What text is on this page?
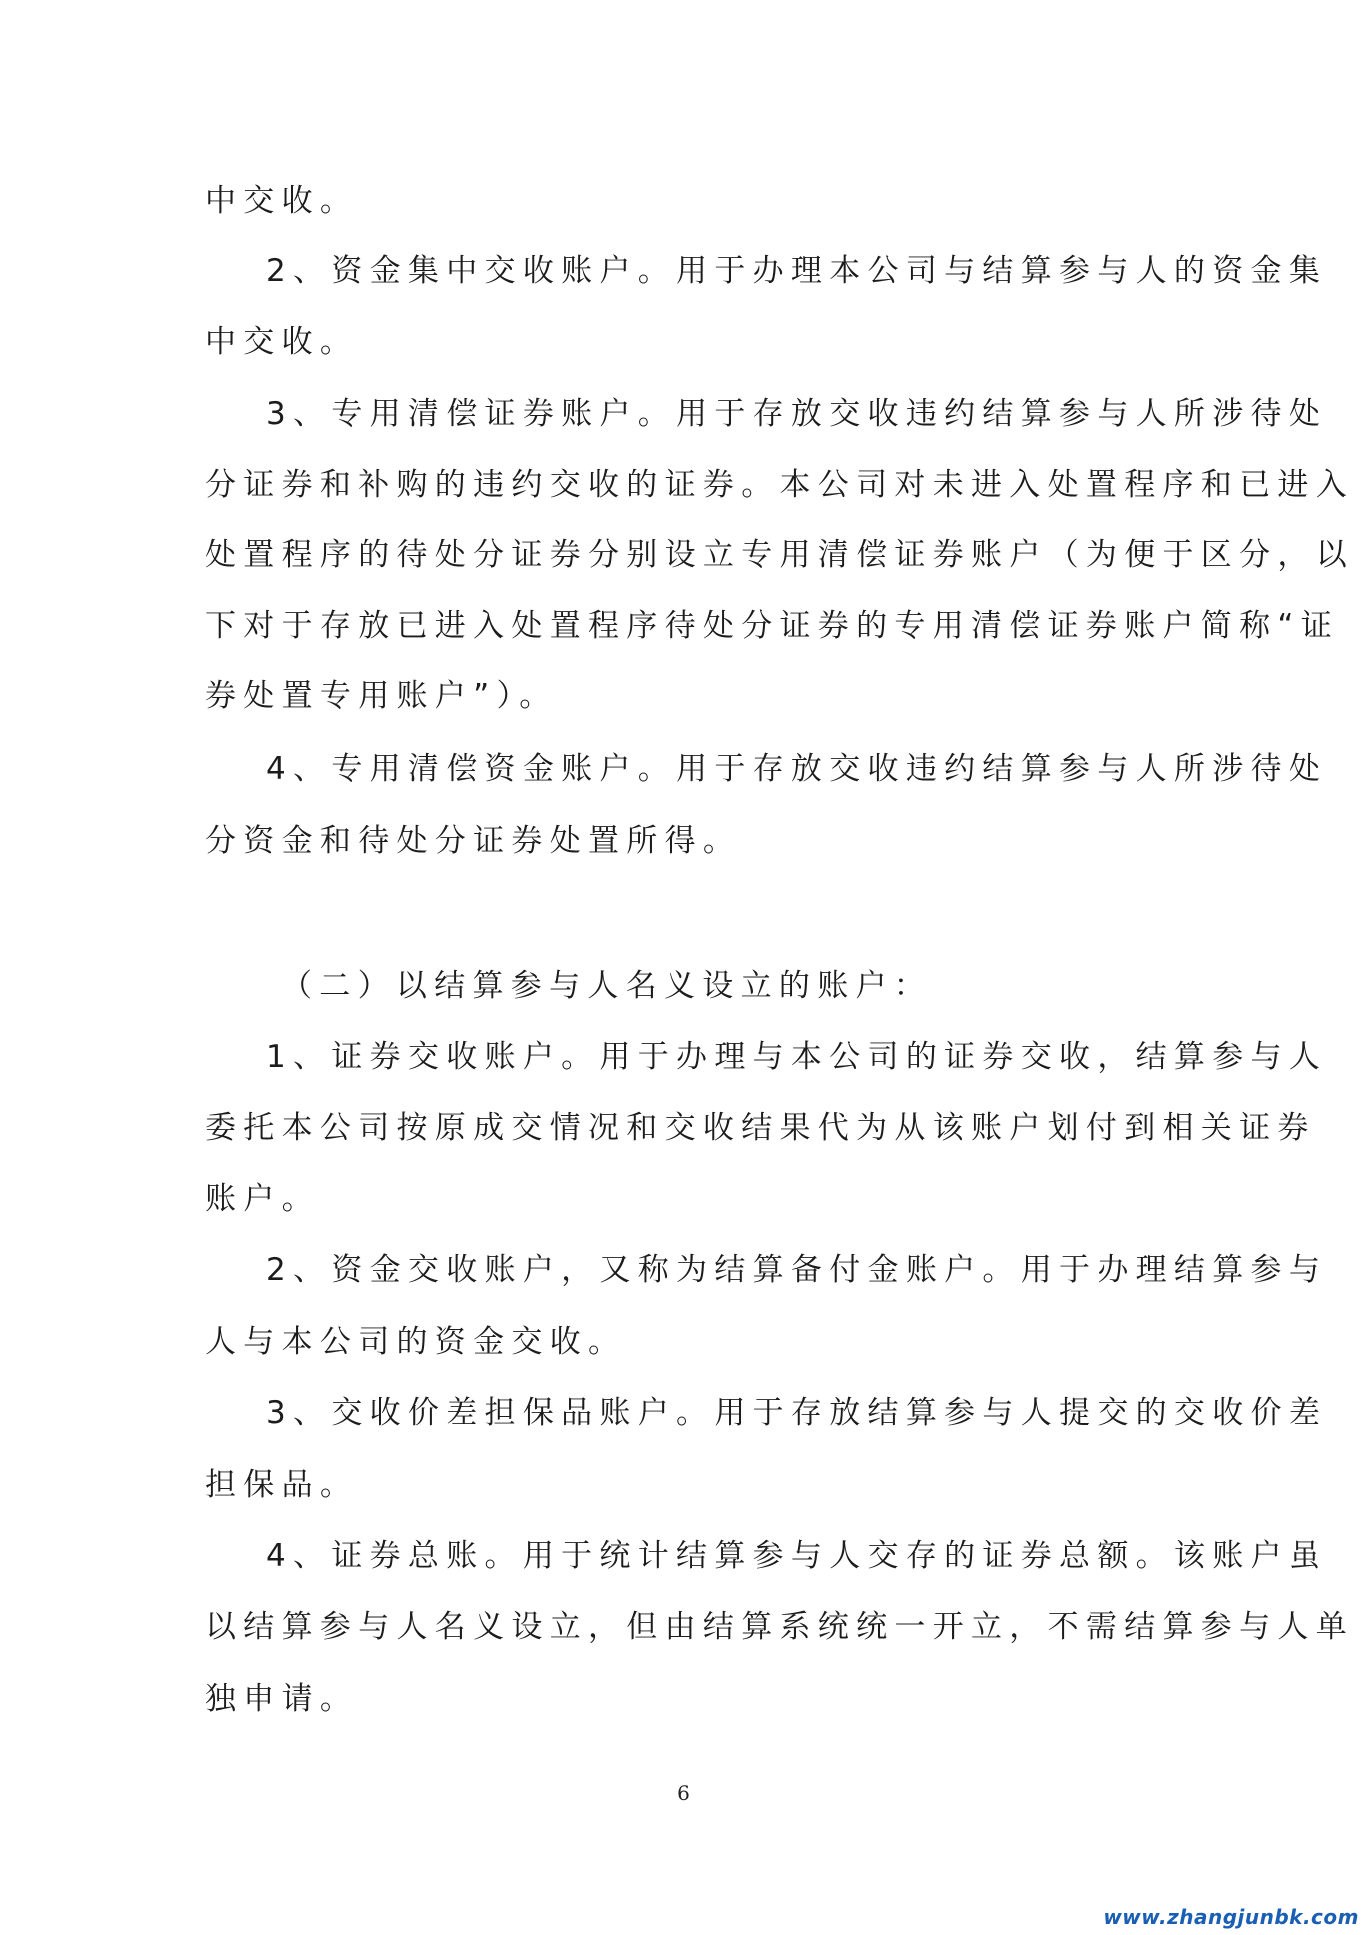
中交收。
2、资金集中交收账户。用于办理本公司与结算参与人的资金集
中交收。
3、专用清偿证券账户。用于存放交收违约结算参与人所涉待处
分证券和补购的违约交收的证券。本公司对未进入处置程序和已进入
处置程序的待处分证券分别设立专用清偿证券账户（为便于区分，以
下对于存放已进入处置程序待处分证券的专用清偿证券账户简称“证
券处置专用账户”）。
4、专用清偿资金账户。用于存放交收违约结算参与人所涉待处
分资金和待处分证券处置所得。
（二）以结算参与人名义设立的账户：
1、证券交收账户。用于办理与本公司的证券交收，结算参与人
委托本公司按原成交情况和交收结果代为从该账户划付到相关证券
账户。
2、资金交收账户，又称为结算备付金账户。用于办理结算参与
人与本公司的资金交收。
3、交收价差担保品账户。用于存放结算参与人提交的交收价差
担保品。
4、证券总账。用于统计结算参与人交存的证券总额。该账户虽
以结算参与人名义设立，但由结算系统统一开立，不需结算参与人单
独申请。
6
www.zhangjunbk.com
